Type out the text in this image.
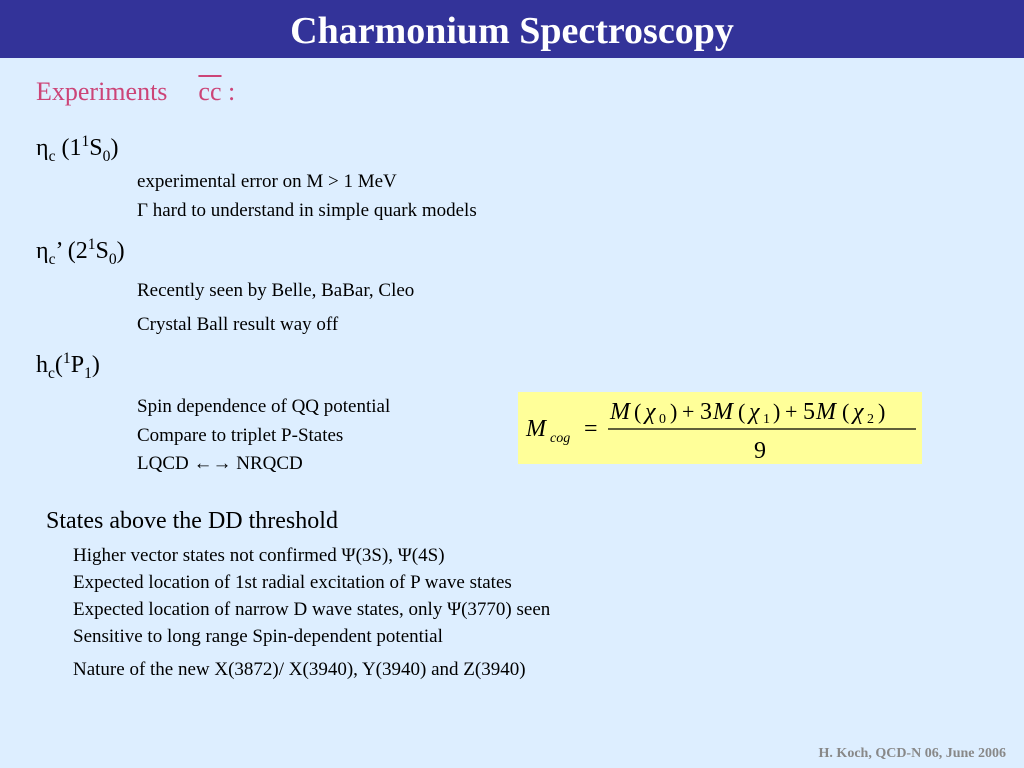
Charmonium Spectroscopy
Experiments $\overline{cc}$ :
$\eta_c$ $(1^1S_0)$
experimental error on M > 1 MeV
Γ hard to understand in simple quark models
$\eta_c$’ $(2^1S_0)$
Recently seen by Belle, BaBar, Cleo
Crystal Ball result way off
$h_c(^1P_1)$
Spin dependence of QQ potential
Compare to triplet P-States
LQCD ←→ NRQCD
M cog =
M ( χ 0 ) + 3 M ( χ 1 ) + 5 M ( χ 2 )
9
States above the DD threshold
Higher vector states not confirmed Ψ(3S), Ψ(4S)
Expected location of 1st radial excitation of P wave states
Expected location of narrow D wave states, only Ψ(3770) seen
Sensitive to long range Spin-dependent potential
Nature of the new X(3872)/ X(3940), Y(3940) and Z(3940)
H. Koch, QCD-N 06, June 2006
